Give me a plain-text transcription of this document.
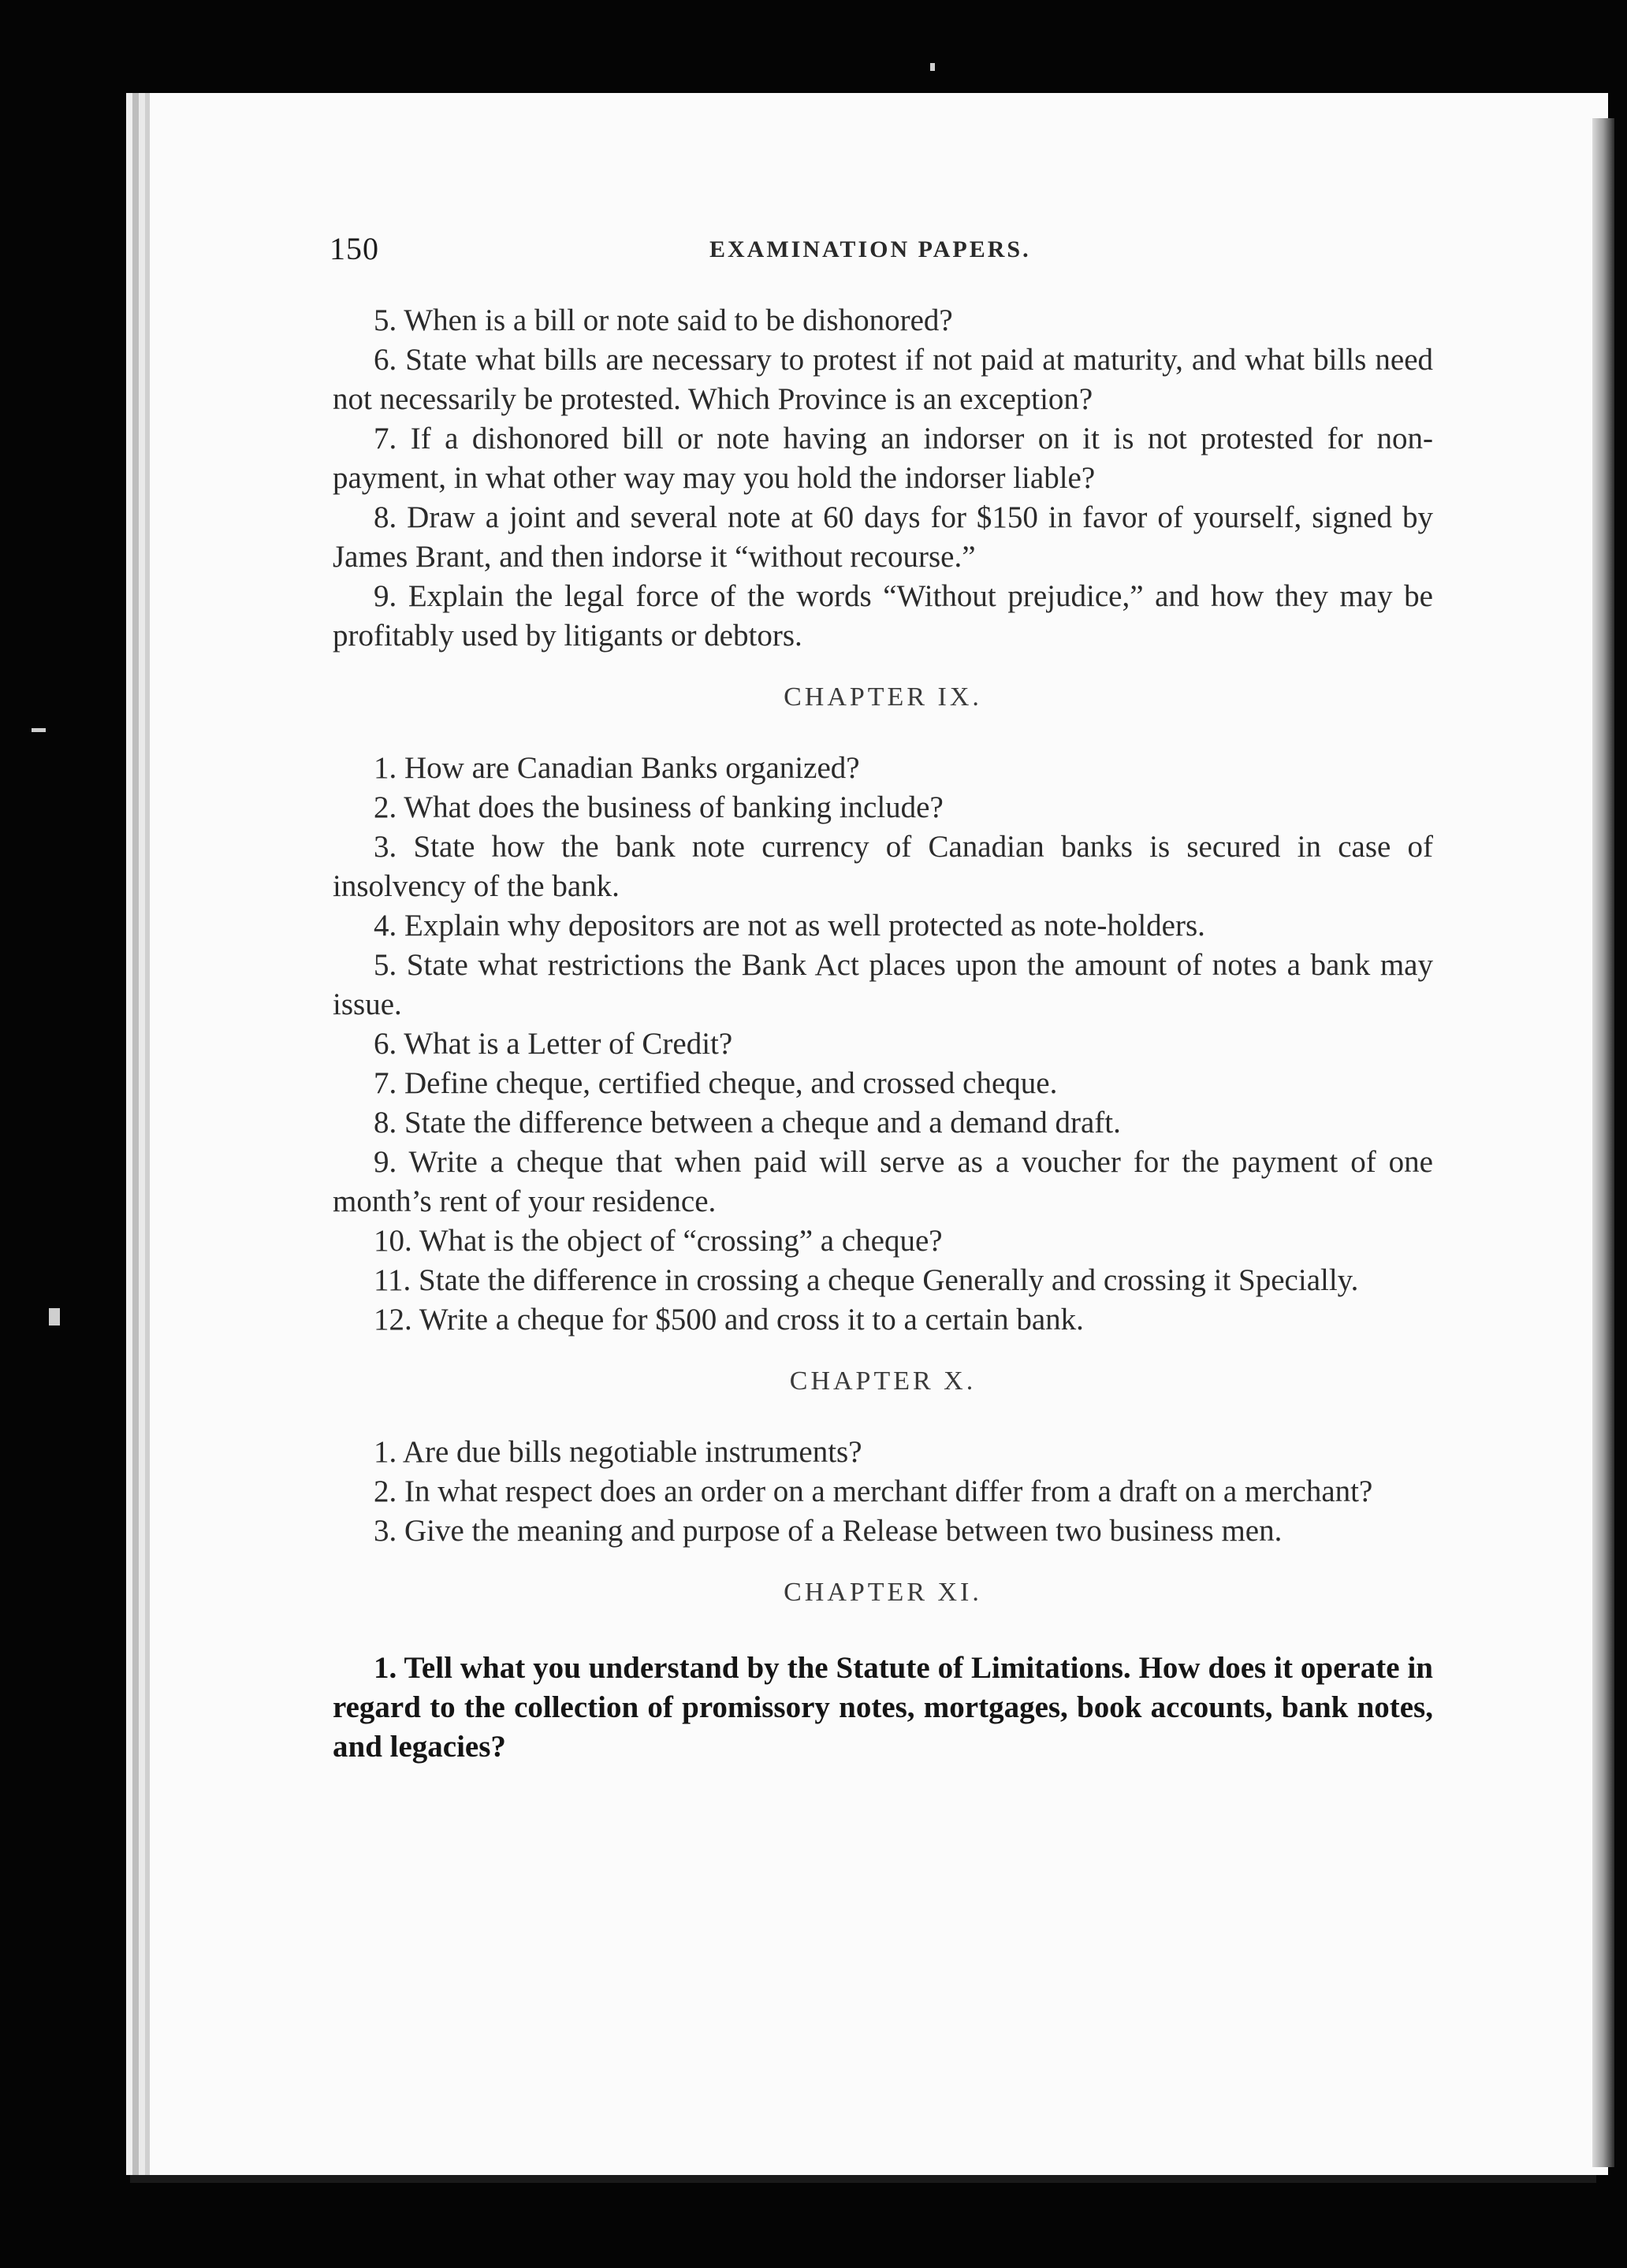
150	EXAMINATION PAPERS.

5. When is a bill or note said to be dishonored?

6. State what bills are necessary to protest if not paid at maturity, and what bills need not necessarily be protested. Which Province is an exception?

7. If a dishonored bill or note having an indorser on it is not protested for non-payment, in what other way may you hold the indorser liable?

8. Draw a joint and several note at 60 days for $150 in favor of yourself, signed by James Brant, and then indorse it “without recourse.”

9. Explain the legal force of the words “Without prejudice,” and how they may be profitably used by litigants or debtors.

CHAPTER IX.

1. How are Canadian Banks organized?

2. What does the business of banking include?

3. State how the bank note currency of Canadian banks is secured in case of insolvency of the bank.

4. Explain why depositors are not as well protected as note-holders.

5. State what restrictions the Bank Act places upon the amount of notes a bank may issue.

6. What is a Letter of Credit?

7. Define cheque, certified cheque, and crossed cheque.

8. State the difference between a cheque and a demand draft.

9. Write a cheque that when paid will serve as a voucher for the payment of one month’s rent of your residence.

10. What is the object of “crossing” a cheque?

11. State the difference in crossing a cheque Generally and crossing it Specially.

12. Write a cheque for $500 and cross it to a certain bank.

CHAPTER X.

1. Are due bills negotiable instruments?

2. In what respect does an order on a merchant differ from a draft on a merchant?

3. Give the meaning and purpose of a Release between two business men.

CHAPTER XI.

1. Tell what you understand by the Statute of Limitations. How does it operate in regard to the collection of promissory notes, mortgages, book accounts, bank notes, and legacies?
